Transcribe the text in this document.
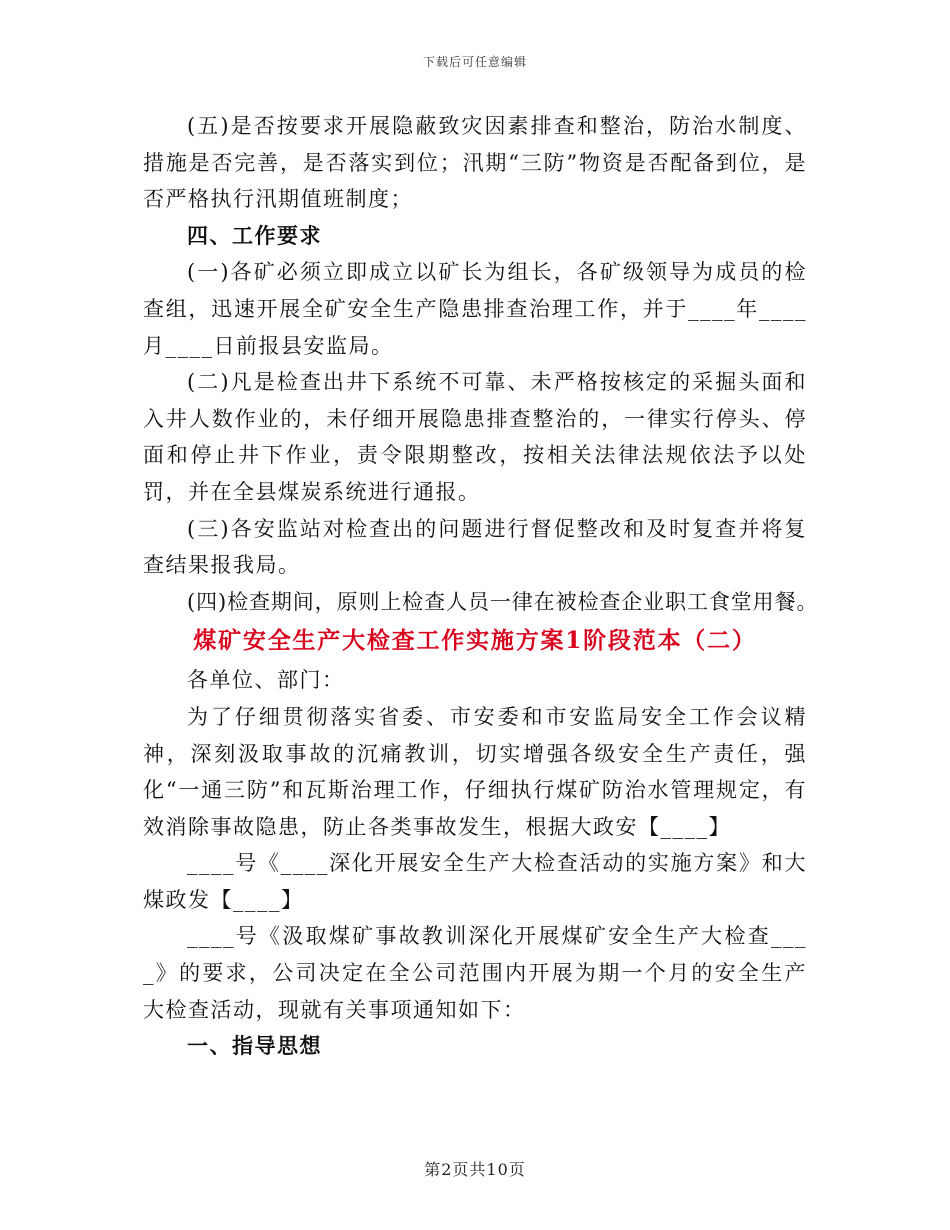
下载后可任意编辑

(五)是否按要求开展隐蔽致灾因素排查和整治，防治水制度、措施是否完善，是否落实到位；汛期“三防”物资是否配备到位，是否严格执行汛期值班制度；

四、工作要求

(一)各矿必须立即成立以矿长为组长，各矿级领导为成员的检查组，迅速开展全矿安全生产隐患排查治理工作，并于____年____月____日前报县安监局。

(二)凡是检查出井下系统不可靠、未严格按核定的采掘头面和入井人数作业的，未仔细开展隐患排查整治的，一律实行停头、停面和停止井下作业，责令限期整改，按相关法律法规依法予以处罚，并在全县煤炭系统进行通报。

(三)各安监站对检查出的问题进行督促整改和及时复查并将复查结果报我局。

(四)检查期间，原则上检查人员一律在被检查企业职工食堂用餐。

煤矿安全生产大检查工作实施方案1阶段范本（二）

各单位、部门：

为了仔细贯彻落实省委、市安委和市安监局安全工作会议精神，深刻汲取事故的沉痛教训，切实增强各级安全生产责任，强化“一通三防”和瓦斯治理工作，仔细执行煤矿防治水管理规定，有效消除事故隐患，防止各类事故发生，根据大政安【____】

____号《____深化开展安全生产大检查活动的实施方案》和大煤政发【____】

____号《汲取煤矿事故教训深化开展煤矿安全生产大检查____》的要求，公司决定在全公司范围内开展为期一个月的安全生产大检查活动，现就有关事项通知如下：

一、指导思想

第2页共10页
